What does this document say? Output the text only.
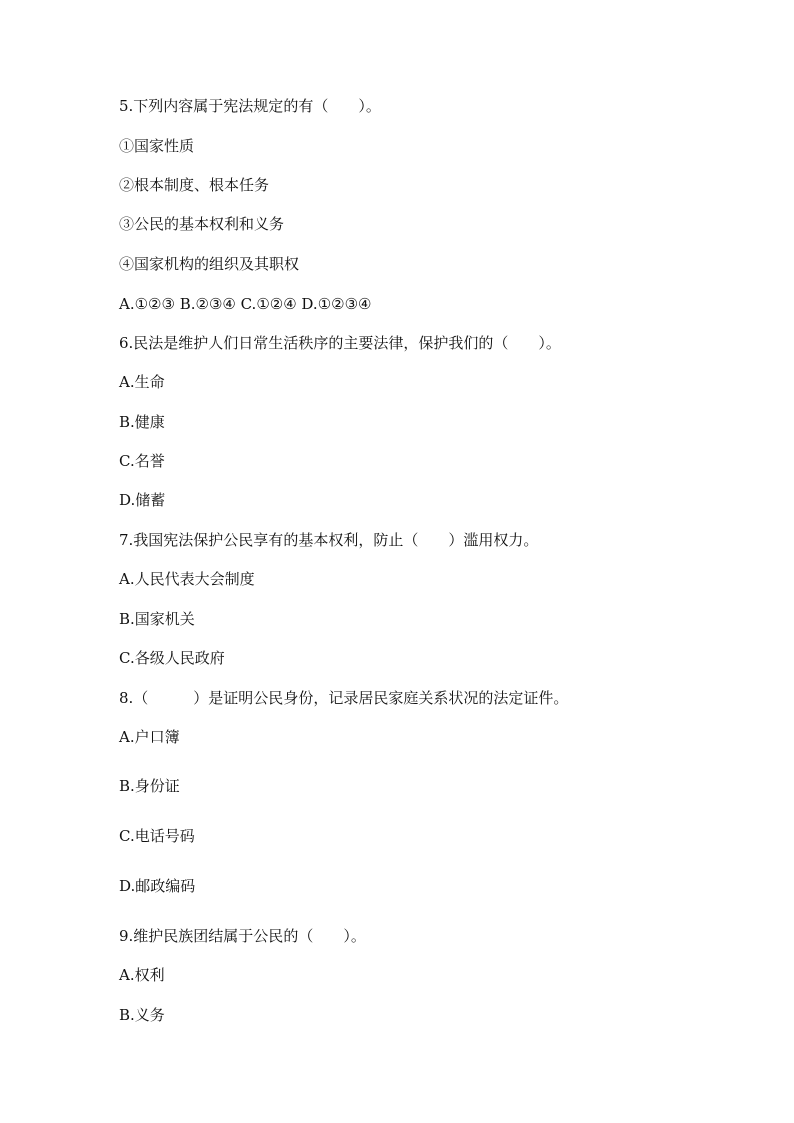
5.下列内容属于宪法规定的有（　　）。
①国家性质
②根本制度、根本任务
③公民的基本权利和义务
④国家机构的组织及其职权
A.①②③ B.②③④ C.①②④ D.①②③④
6.民法是维护人们日常生活秩序的主要法律，保护我们的（　　）。
A.生命
B.健康
C.名誉
D.储蓄
7.我国宪法保护公民享有的基本权利，防止（　　）滥用权力。
A.人民代表大会制度
B.国家机关
C.各级人民政府
8.（　　　）是证明公民身份，记录居民家庭关系状况的法定证件。
A.户口簿
B.身份证
C.电话号码
D.邮政编码
9.维护民族团结属于公民的（　　）。
A.权利
B.义务
